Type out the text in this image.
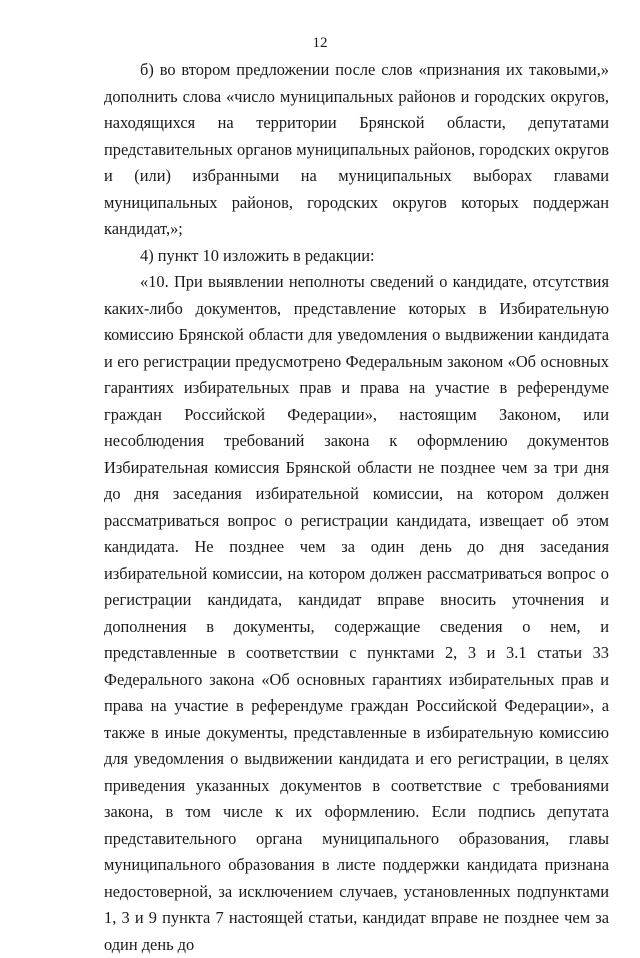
12

б) во втором предложении после слов «признания их таковыми,» дополнить слова «число муниципальных районов и городских округов, находящихся на территории Брянской области, депутатами представительных органов муниципальных районов, городских округов и (или) избранными на муниципальных выборах главами муниципальных районов, городских округов которых поддержан кандидат,»;

4) пункт 10 изложить в редакции:

«10. При выявлении неполноты сведений о кандидате, отсутствия каких-либо документов, представление которых в Избирательную комиссию Брянской области для уведомления о выдвижении кандидата и его регистрации предусмотрено Федеральным законом «Об основных гарантиях избирательных прав и права на участие в референдуме граждан Российской Федерации», настоящим Законом, или несоблюдения требований закона к оформлению документов Избирательная комиссия Брянской области не позднее чем за три дня до дня заседания избирательной комиссии, на котором должен рассматриваться вопрос о регистрации кандидата, извещает об этом кандидата. Не позднее чем за один день до дня заседания избирательной комиссии, на котором должен рассматриваться вопрос о регистрации кандидата, кандидат вправе вносить уточнения и дополнения в документы, содержащие сведения о нем, и представленные в соответствии с пунктами 2, 3 и 3.1 статьи 33 Федерального закона «Об основных гарантиях избирательных прав и права на участие в референдуме граждан Российской Федерации», а также в иные документы, представленные в избирательную комиссию для уведомления о выдвижении кандидата и его регистрации, в целях приведения указанных документов в соответствие с требованиями закона, в том числе к их оформлению. Если подпись депутата представительного органа муниципального образования, главы муниципального образования в листе поддержки кандидата признана недостоверной, за исключением случаев, установленных подпунктами 1, 3 и 9 пункта 7 настоящей статьи, кандидат вправе не позднее чем за один день до
